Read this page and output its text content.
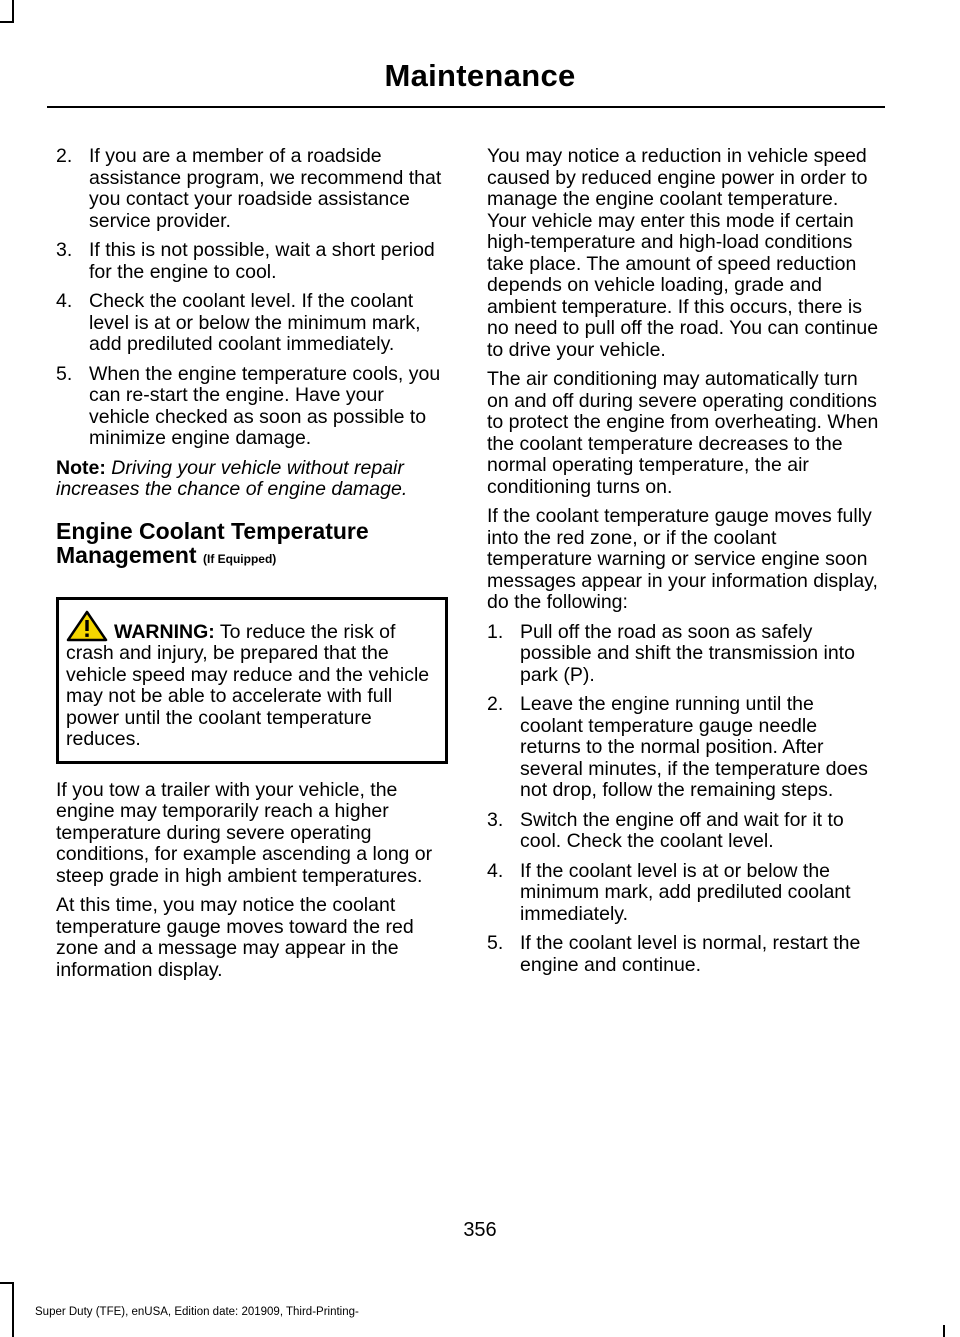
Maintenance
2. If you are a member of a roadside assistance program, we recommend that you contact your roadside assistance service provider.
3. If this is not possible, wait a short period for the engine to cool.
4. Check the coolant level. If the coolant level is at or below the minimum mark, add prediluted coolant immediately.
5. When the engine temperature cools, you can re-start the engine. Have your vehicle checked as soon as possible to minimize engine damage.

Note: Driving your vehicle without repair increases the chance of engine damage.

Engine Coolant Temperature Management (If Equipped)
WARNING: To reduce the risk of crash and injury, be prepared that the vehicle speed may reduce and the vehicle may not be able to accelerate with full power until the coolant temperature reduces.

If you tow a trailer with your vehicle, the engine may temporarily reach a higher temperature during severe operating conditions, for example ascending a long or steep grade in high ambient temperatures.

At this time, you may notice the coolant temperature gauge moves toward the red zone and a message may appear in the information display.

You may notice a reduction in vehicle speed caused by reduced engine power in order to manage the engine coolant temperature. Your vehicle may enter this mode if certain high-temperature and high-load conditions take place. The amount of speed reduction depends on vehicle loading, grade and ambient temperature. If this occurs, there is no need to pull off the road. You can continue to drive your vehicle.

The air conditioning may automatically turn on and off during severe operating conditions to protect the engine from overheating. When the coolant temperature decreases to the normal operating temperature, the air conditioning turns on.

If the coolant temperature gauge moves fully into the red zone, or if the coolant temperature warning or service engine soon messages appear in your information display, do the following:

1. Pull off the road as soon as safely possible and shift the transmission into park (P).
2. Leave the engine running until the coolant temperature gauge needle returns to the normal position. After several minutes, if the temperature does not drop, follow the remaining steps.
3. Switch the engine off and wait for it to cool. Check the coolant level.
4. If the coolant level is at or below the minimum mark, add prediluted coolant immediately.
5. If the coolant level is normal, restart the engine and continue.

356

Super Duty (TFE), enUSA, Edition date: 201909, Third-Printing-
